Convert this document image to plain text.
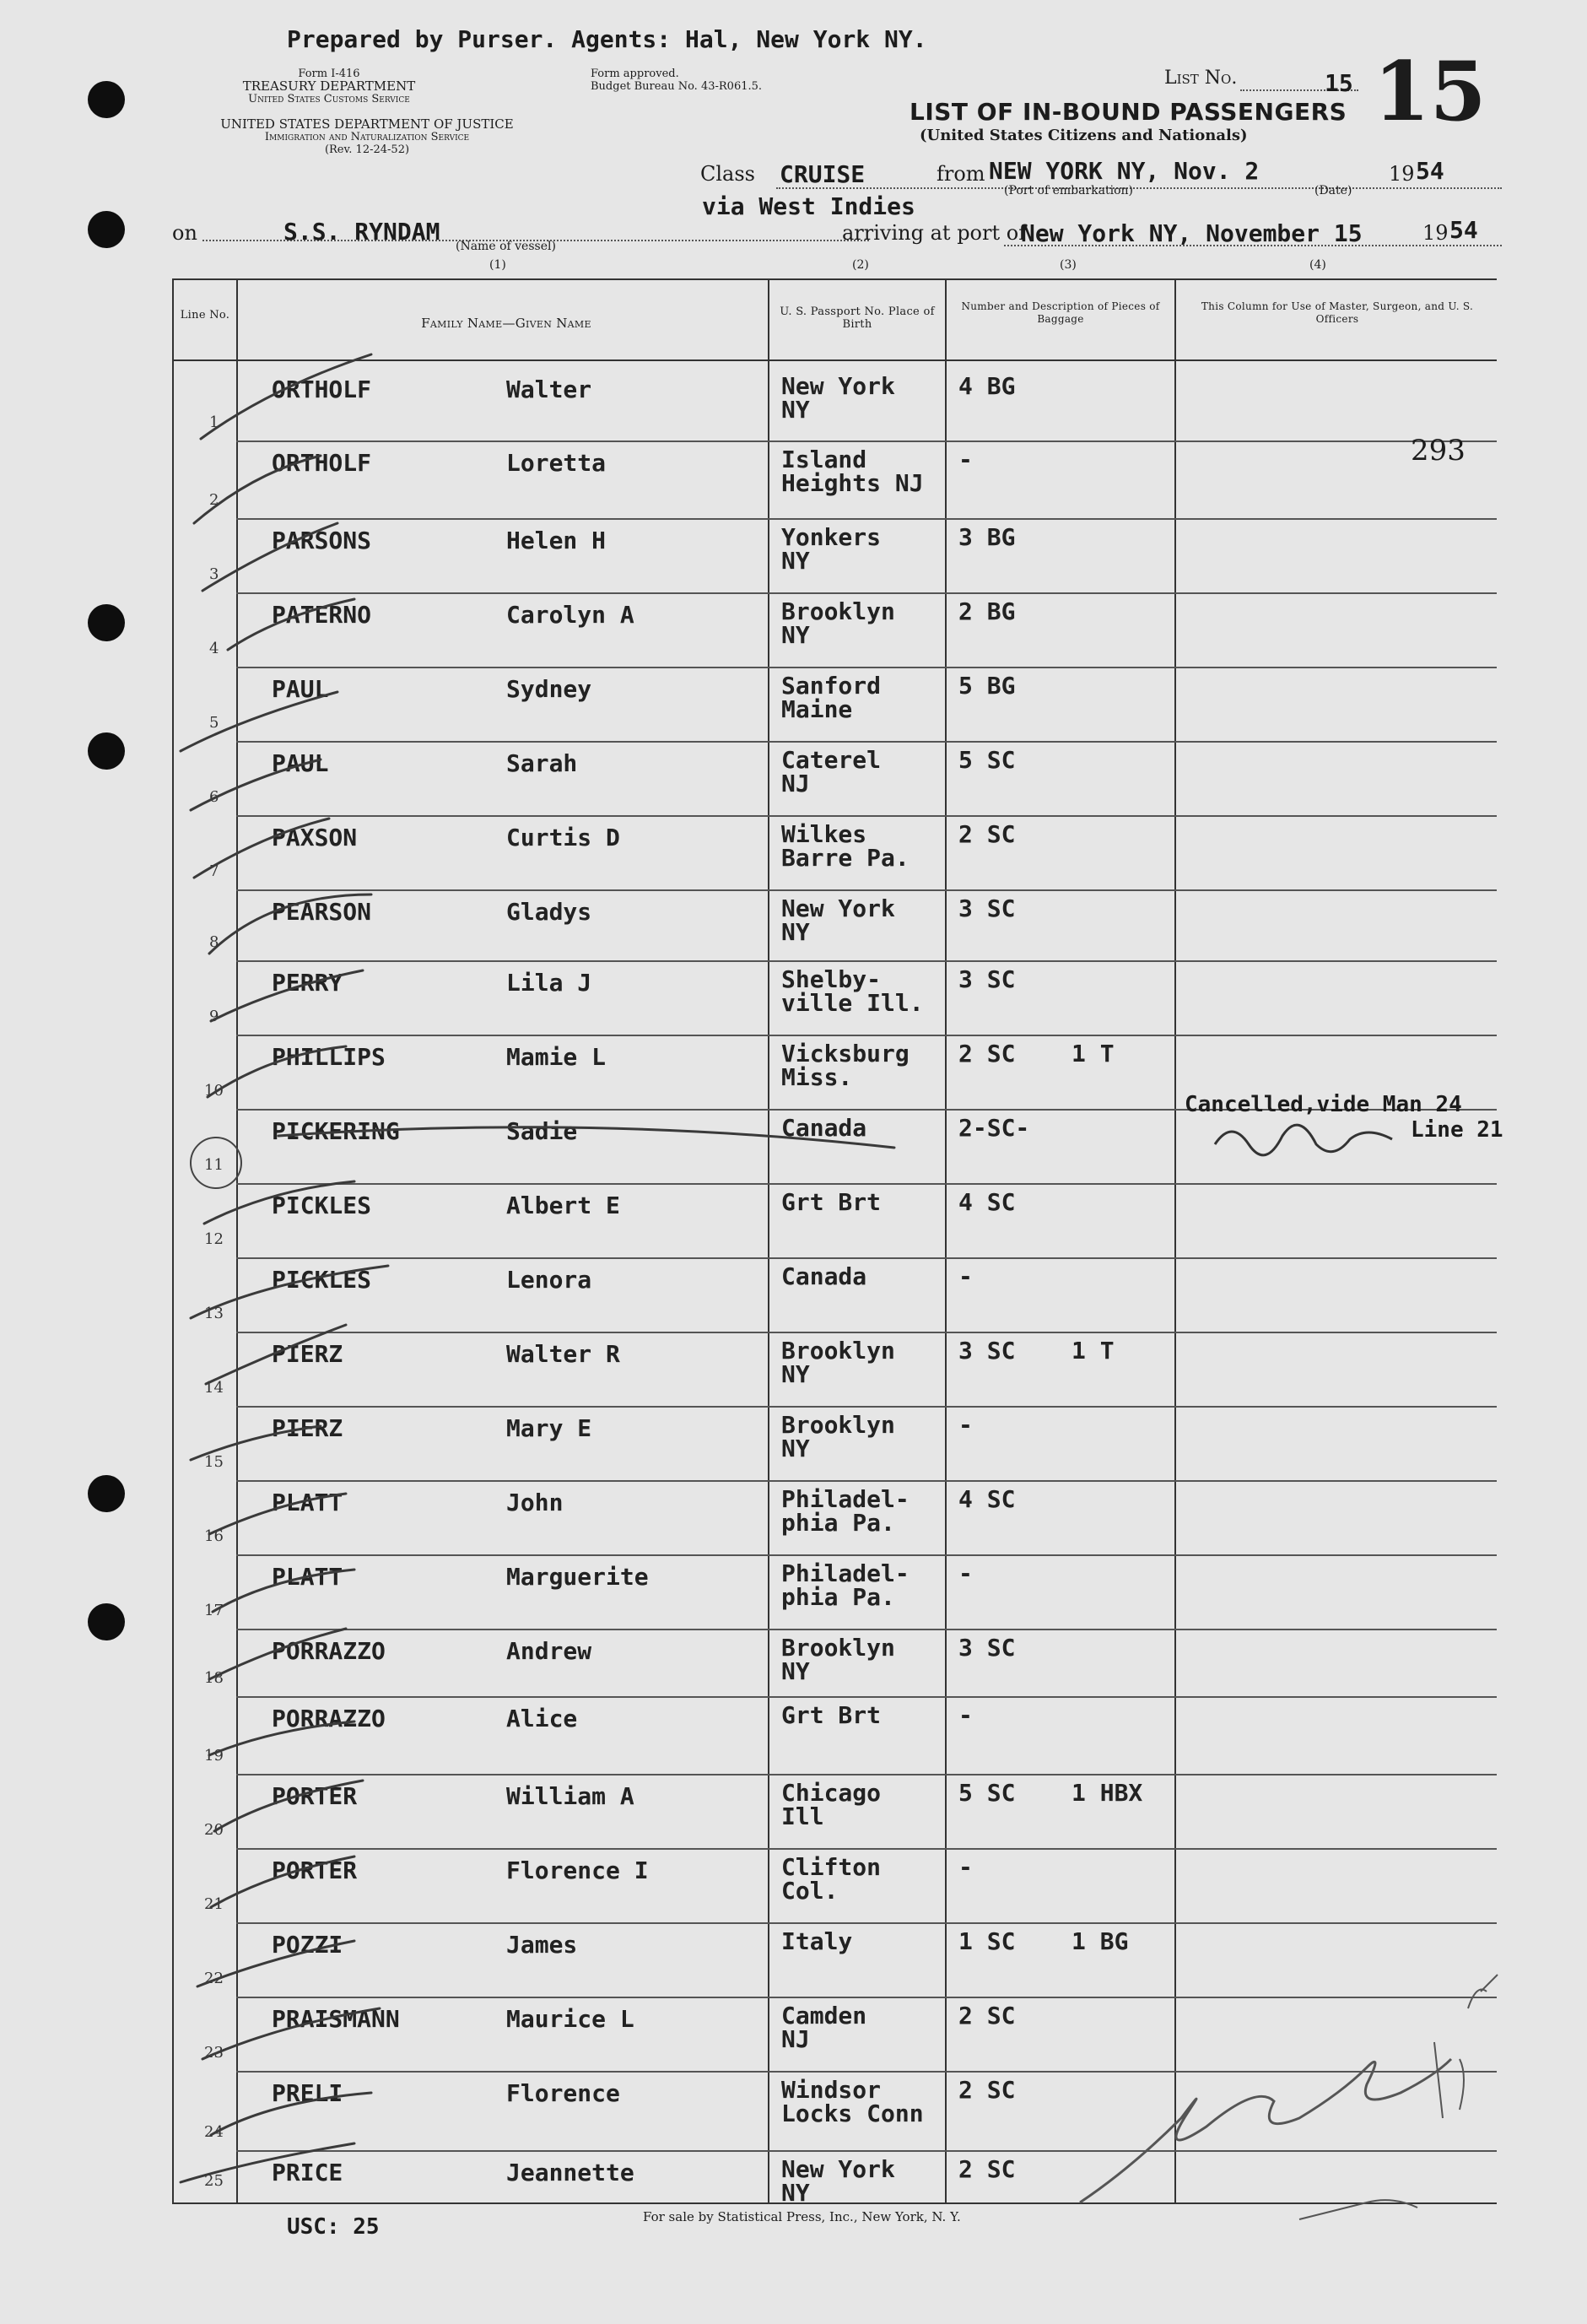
Prepared by Purser. Agents: Hal, New York NY.
Form I-416
TREASURY DEPARTMENT
United States Customs Service
Form approved.
Budget Bureau No. 43-R061.5.
UNITED STATES DEPARTMENT OF JUSTICE
Immigration and Naturalization Service
(Rev. 12-24-52)
List No.	15 15
LIST OF IN-BOUND PASSENGERS
(United States Citizens and Nationals)
Class CRUISE	from NEW YORK NY, Nov. 2
(Port of embarkation)	(Date)
19 54
via West Indies
on	S.S. RYNDAM
(Name of vessel)
arriving at port of
New York NY, November 15	19 54
(1)	(2)	(3)	(4)
Line No.
Family Name—Given Name
U. S. Passport No. Place of Birth
Number and Description of Pieces of Baggage
This Column for Use of Master, Surgeon, and U. S. Officers
1
ORTHOLF	Walter	New York
NY
4 BG
2
ORTHOLF	Loretta	Island
Heights NJ
-
3
PARSONS	Helen H	Yonkers
NY
3 BG
4
PATERNO	Carolyn A	Brooklyn
NY
2 BG
5
PAUL	Sydney	Sanford
Maine
5 BG
6
PAUL	Sarah	Caterel
NJ
5 SC
7
PAXSON	Curtis D	Wilkes
Barre Pa.
2 SC
8
PEARSON	Gladys	New York
NY
3 SC
9
PERRY	Lila J	Shelby-
ville Ill.
3 SC
10
PHILLIPS	Mamie L	Vicksburg
Miss.
2 SC 1 T
11
PICKERING	Sadie	Canada	2-SC-
12
PICKLES	Albert E	Grt Brt	4 SC
13
PICKLES	Lenora	Canada	-
14
PIERZ	Walter R	Brooklyn
NY
3 SC 1 T
15
PIERZ	Mary E	Brooklyn
NY
-
16
PLATT	John	Philadel-
phia Pa.
4 SC
17
PLATT	Marguerite	Philadel-
phia Pa.
-
18
PORRAZZO	Andrew	Brooklyn
NY
3 SC
19
PORRAZZO	Alice	Grt Brt	-
20
PORTER	William A	Chicago
Ill
5 SC 1 HBX
21
PORTER	Florence I	Clifton
Col.
-
22
POZZI	James	Italy	1 SC 1 BG
23
PRAISMANN	Maurice L	Camden
NJ
2 SC
24
PRELI	Florence	Windsor
Locks Conn
2 SC
25 PRICE	Jeannette	New York
NY
2 SC
293
Cancelled,vide Man 24
Line 21
USC: 25	For sale by Statistical Press, Inc., New York, N. Y.
